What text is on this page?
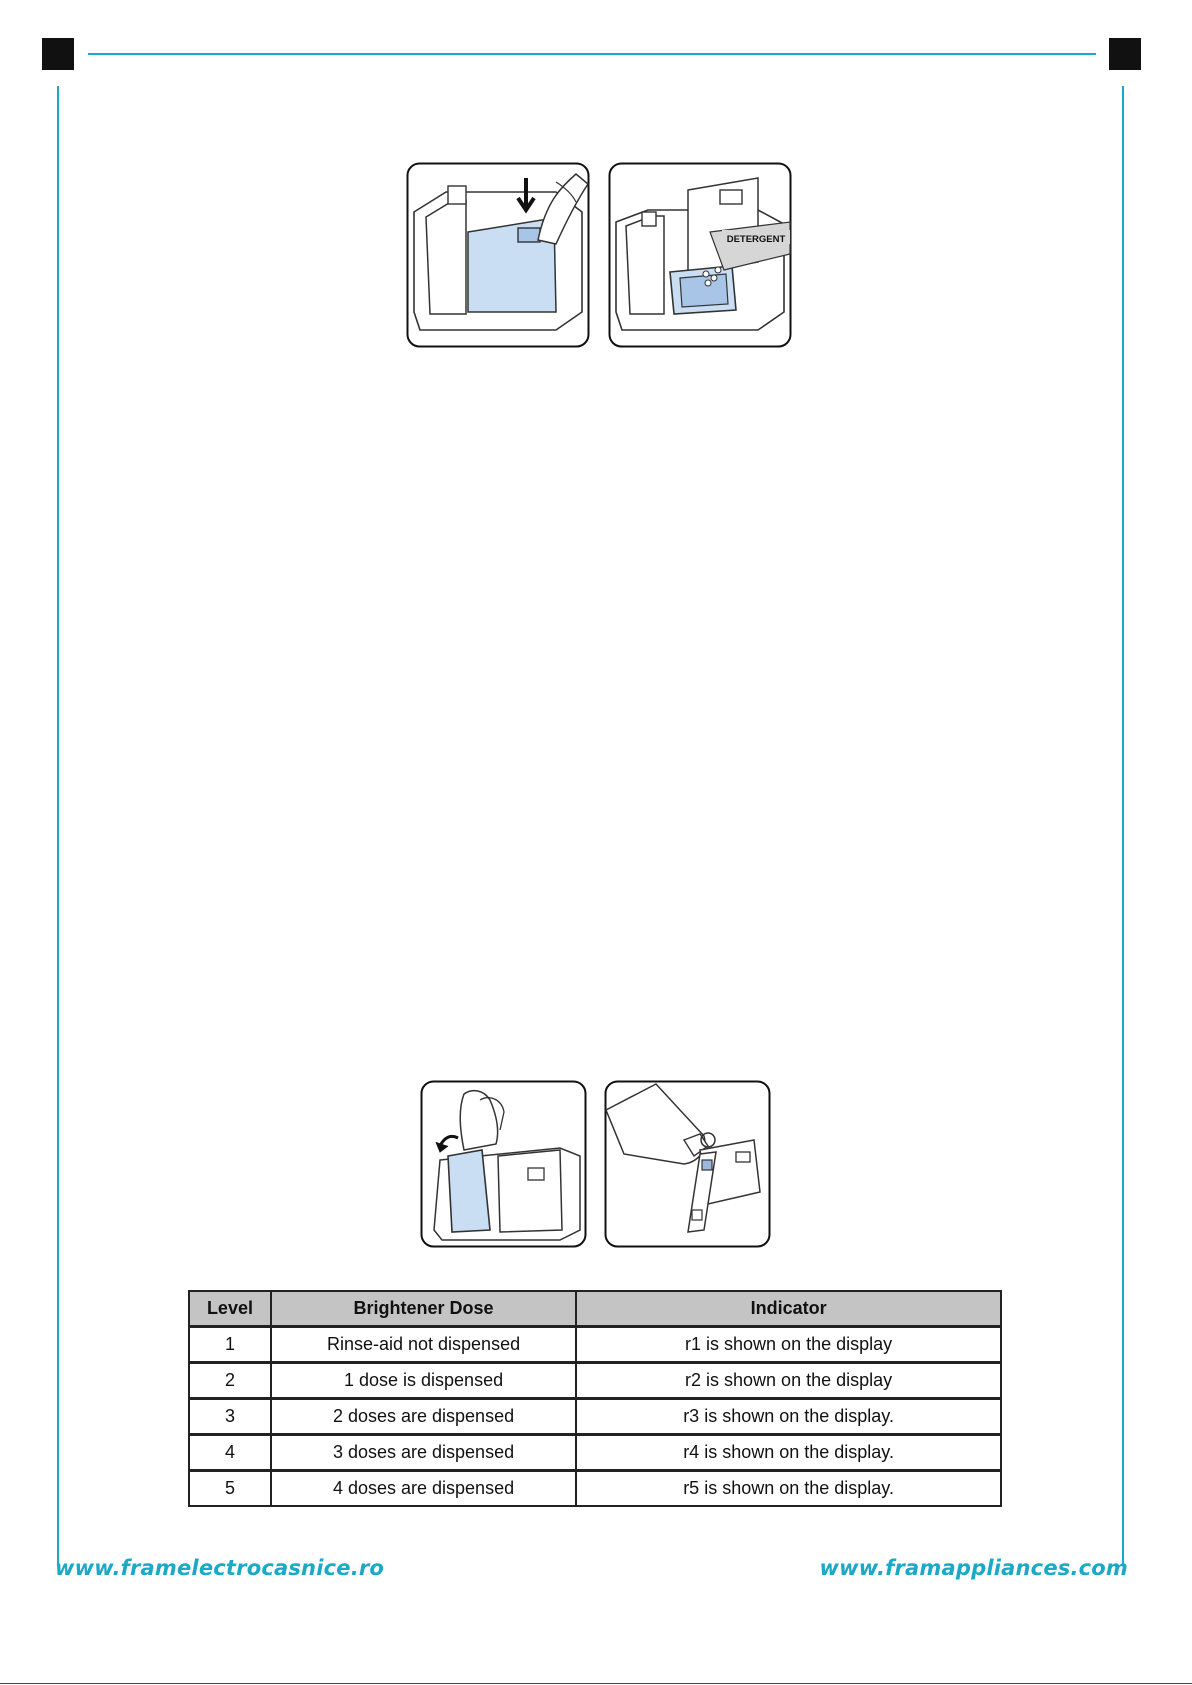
DETERGENT
Level	Brightener Dose	Indicator
1	Rinse-aid not dispensed	r1 is shown on the display
2	1 dose is dispensed	r2 is shown on the display
3	2 doses are dispensed	r3 is shown on the display.
4	3 doses are dispensed	r4 is shown on the display.
5	4 doses are dispensed	r5 is shown on the display.
www.framelectrocasnice.ro	www.framappliances.com
